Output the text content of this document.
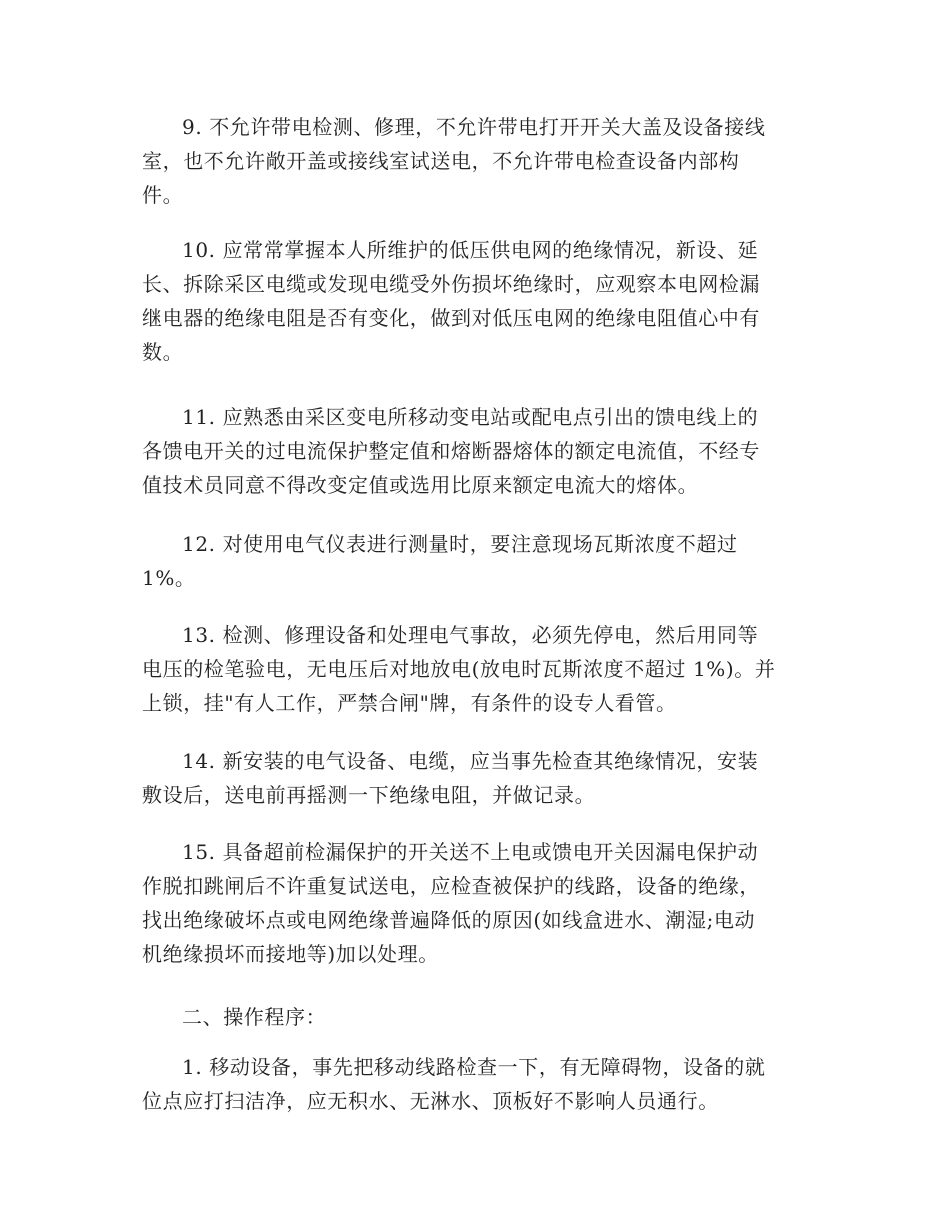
9. 不允许带电检测、修理，不允许带电打开开关大盖及设备接线

室，也不允许敞开盖或接线室试送电，不允许带电检查设备内部构
件。

10. 应常常掌握本人所维护的低压供电网的绝缘情况，新设、延

长、拆除采区电缆或发现电缆受外伤损坏绝缘时，应观察本电网检漏
继电器的绝缘电阻是否有变化，做到对低压电网的绝缘电阻值心中有
数。

11. 应熟悉由采区变电所移动变电站或配电点引出的馈电线上的

各馈电开关的过电流保护整定值和熔断器熔体的额定电流值，不经专
值技术员同意不得改变定值或选用比原来额定电流大的熔体。

12. 对使用电气仪表进行测量时，要注意现场瓦斯浓度不超过

1%。

13. 检测、修理设备和处理电气事故，必须先停电，然后用同等

电压的检笔验电，无电压后对地放电(放电时瓦斯浓度不超过 1%)。并
上锁，挂"有人工作，严禁合闸"牌，有条件的设专人看管。

14. 新安装的电气设备、电缆，应当事先检查其绝缘情况，安装

敷设后，送电前再摇测一下绝缘电阻，并做记录。

15. 具备超前检漏保护的开关送不上电或馈电开关因漏电保护动

作脱扣跳闸后不许重复试送电，应检查被保护的线路，设备的绝缘，
找出绝缘破坏点或电网绝缘普遍降低的原因(如线盒进水、潮湿;电动
机绝缘损坏而接地等)加以处理。

二、操作程序：

1. 移动设备，事先把移动线路检查一下，有无障碍物，设备的就

位点应打扫洁净，应无积水、无淋水、顶板好不影响人员通行。
